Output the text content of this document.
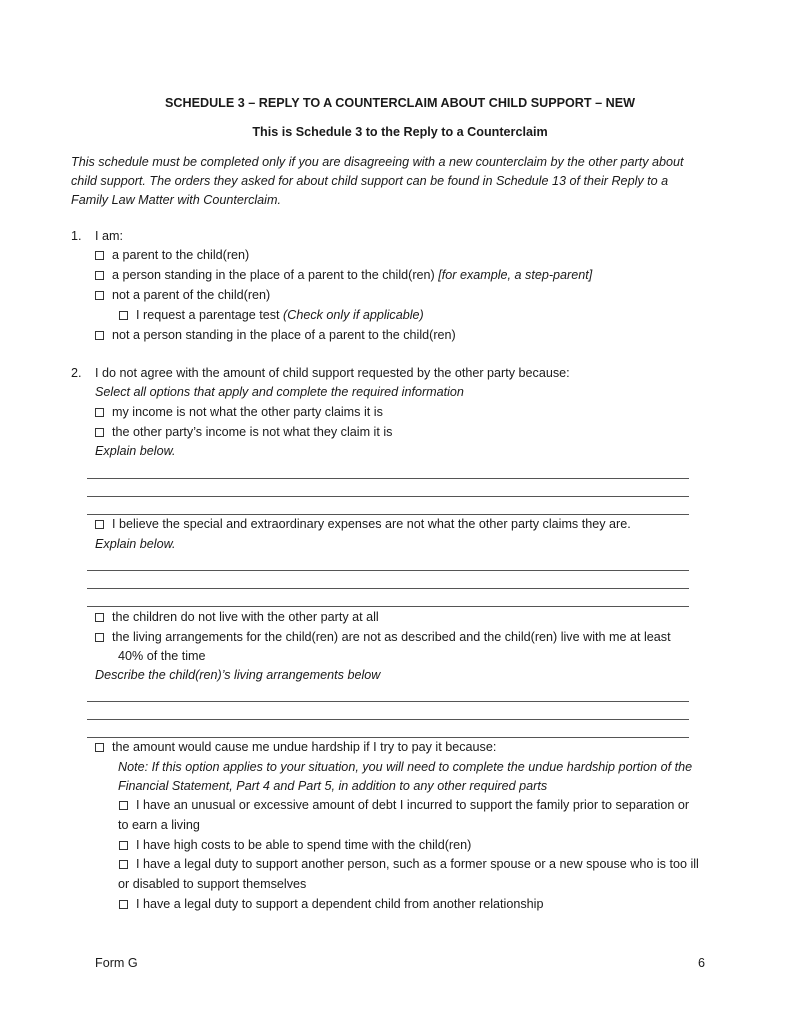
SCHEDULE 3 – REPLY TO A COUNTERCLAIM ABOUT CHILD SUPPORT – NEW
This is Schedule 3 to the Reply to a Counterclaim
This schedule must be completed only if you are disagreeing with a new counterclaim by the other party about
child support. The orders they asked for about child support can be found in Schedule 13 of their Reply to a
Family Law Matter with Counterclaim.
1. I am:
a parent to the child(ren)
a person standing in the place of a parent to the child(ren) [for example, a step-parent]
not a parent of the child(ren)
I request a parentage test (Check only if applicable)
not a person standing in the place of a parent to the child(ren)
2. I do not agree with the amount of child support requested by the other party because:
Select all options that apply and complete the required information
my income is not what the other party claims it is
the other party’s income is not what they claim it is
Explain below.
I believe the special and extraordinary expenses are not what the other party claims they are.
Explain below.
the children do not live with the other party at all
the living arrangements for the child(ren) are not as described and the child(ren) live with me at least
40% of the time
Describe the child(ren)’s living arrangements below
the amount would cause me undue hardship if I try to pay it because:
Note: If this option applies to your situation, you will need to complete the undue hardship portion of the
Financial Statement, Part 4 and Part 5, in addition to any other required parts
I have an unusual or excessive amount of debt I incurred to support the family prior to separation or
to earn a living
I have high costs to be able to spend time with the child(ren)
I have a legal duty to support another person, such as a former spouse or a new spouse who is too ill
or disabled to support themselves
I have a legal duty to support a dependent child from another relationship
Form G	6
